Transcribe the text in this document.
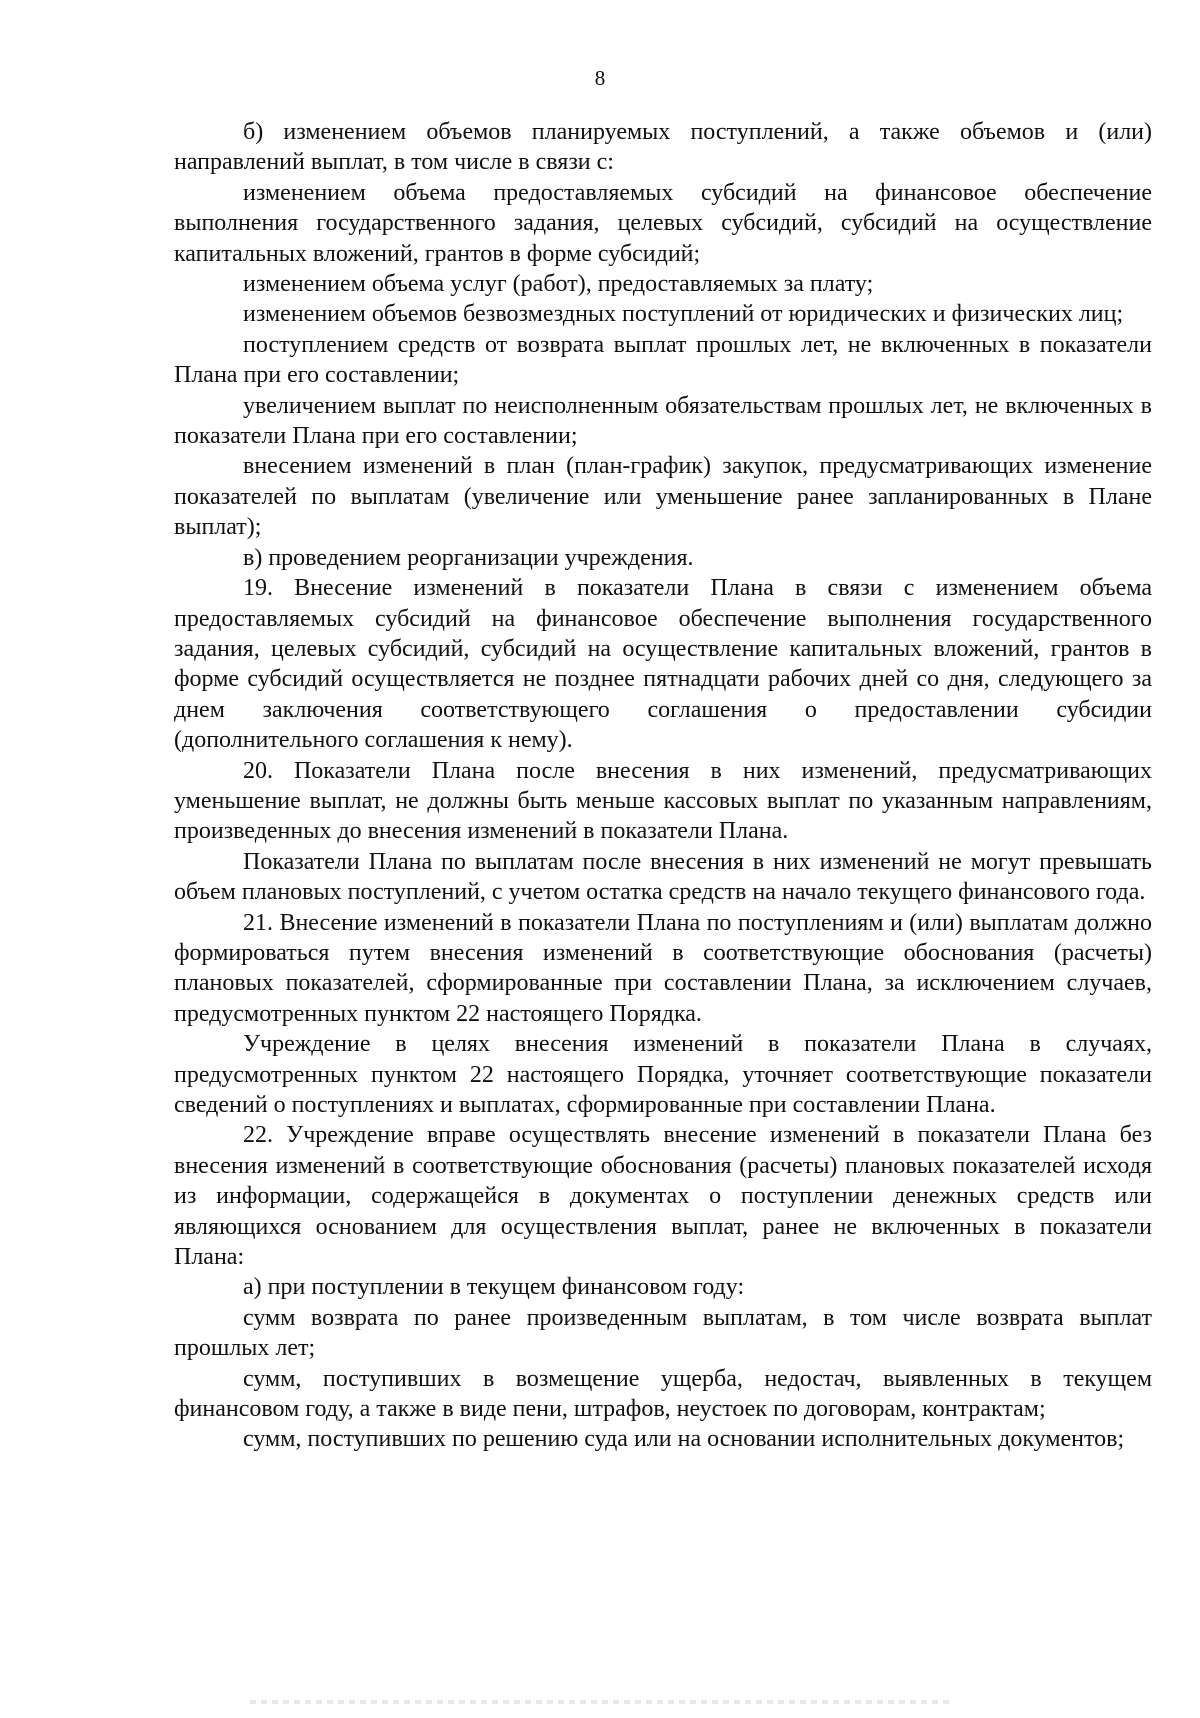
8

б) изменением объемов планируемых поступлений, а также объемов и (или) направлений выплат, в том числе в связи с:

изменением объема предоставляемых субсидий на финансовое обеспечение выполнения государственного задания, целевых субсидий, субсидий на осуществление капитальных вложений, грантов в форме субсидий;

изменением объема услуг (работ), предоставляемых за плату;

изменением объемов безвозмездных поступлений от юридических и физических лиц;

поступлением средств от возврата выплат прошлых лет, не включенных в показатели Плана при его составлении;

увеличением выплат по неисполненным обязательствам прошлых лет, не включенных в показатели Плана при его составлении;

внесением изменений в план (план-график) закупок, предусматривающих изменение показателей по выплатам (увеличение или уменьшение ранее запланированных в Плане выплат);

в) проведением реорганизации учреждения.

19. Внесение изменений в показатели Плана в связи с изменением объема предоставляемых субсидий на финансовое обеспечение выполнения государственного задания, целевых субсидий, субсидий на осуществление капитальных вложений, грантов в форме субсидий осуществляется не позднее пятнадцати рабочих дней со дня, следующего за днем заключения соответствующего соглашения о предоставлении субсидии (дополнительного соглашения к нему).

20. Показатели Плана после внесения в них изменений, предусматривающих уменьшение выплат, не должны быть меньше кассовых выплат по указанным направлениям, произведенных до внесения изменений в показатели Плана.

Показатели Плана по выплатам после внесения в них изменений не могут превышать объем плановых поступлений, с учетом остатка средств на начало текущего финансового года.

21. Внесение изменений в показатели Плана по поступлениям и (или) выплатам должно формироваться путем внесения изменений в соответствующие обоснования (расчеты) плановых показателей, сформированные при составлении Плана, за исключением случаев, предусмотренных пунктом 22 настоящего Порядка.

Учреждение в целях внесения изменений в показатели Плана в случаях, предусмотренных пунктом 22 настоящего Порядка, уточняет соответствующие показатели сведений о поступлениях и выплатах, сформированные при составлении Плана.

22. Учреждение вправе осуществлять внесение изменений в показатели Плана без внесения изменений в соответствующие обоснования (расчеты) плановых показателей исходя из информации, содержащейся в документах о поступлении денежных средств или являющихся основанием для осуществления выплат, ранее не включенных в показатели Плана:

а) при поступлении в текущем финансовом году:

сумм возврата по ранее произведенным выплатам, в том числе возврата выплат прошлых лет;

сумм, поступивших в возмещение ущерба, недостач, выявленных в текущем финансовом году, а также в виде пени, штрафов, неустоек по договорам, контрактам;

сумм, поступивших по решению суда или на основании исполнительных документов;
